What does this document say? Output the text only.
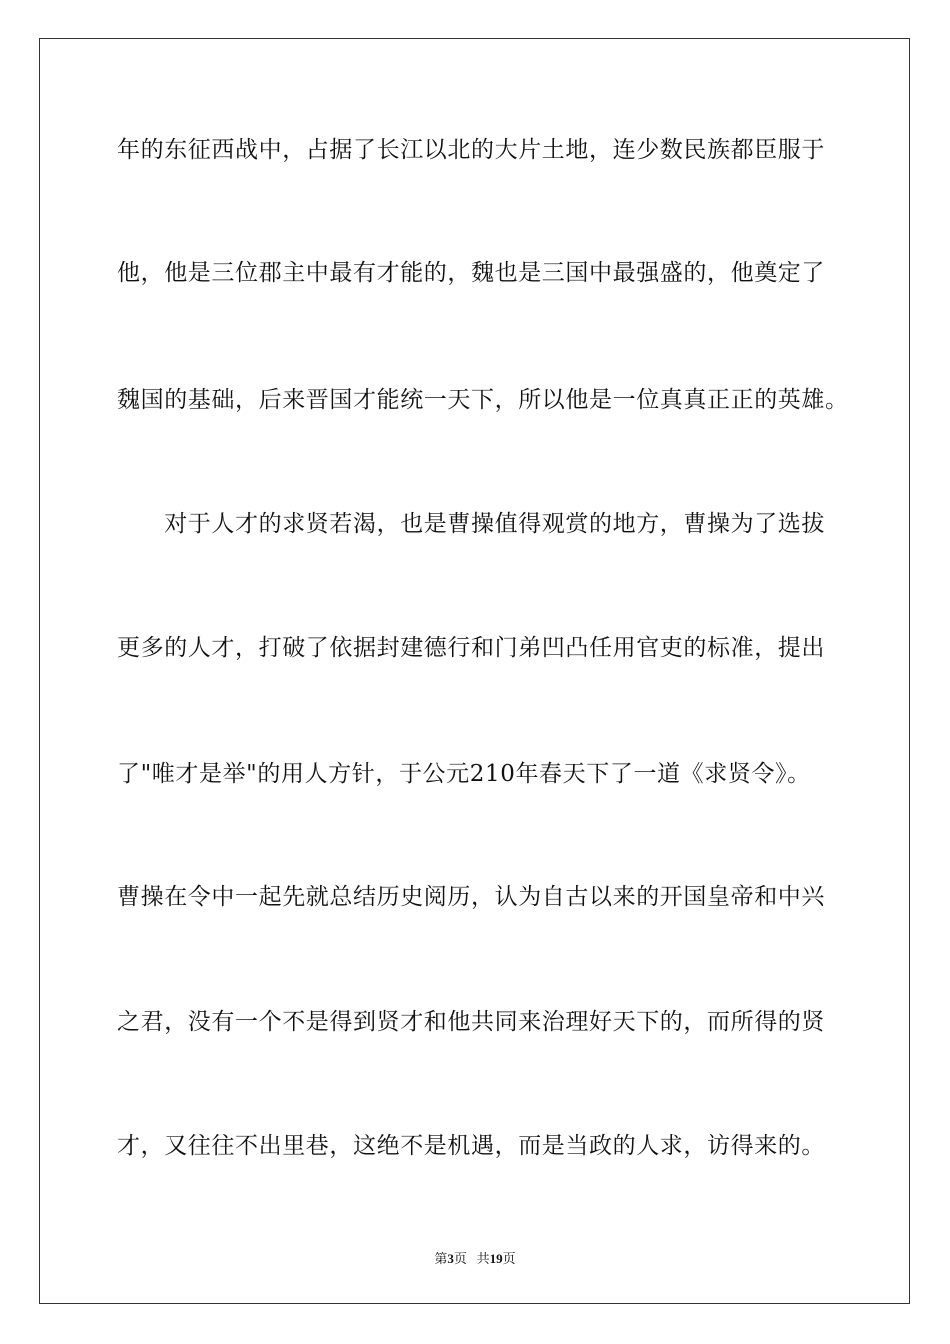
年的东征西战中，占据了长江以北的大片土地，连少数民族都臣服于
他，他是三位郡主中最有才能的，魏也是三国中最强盛的，他奠定了
魏国的基础，后来晋国才能统一天下，所以他是一位真真正正的英雄。
　　对于人才的求贤若渴，也是曹操值得观赏的地方，曹操为了选拔
更多的人才，打破了依据封建德行和门弟凹凸任用官吏的标准，提出
了"唯才是举"的用人方针，于公元210年春天下了一道《求贤令》。
曹操在令中一起先就总结历史阅历，认为自古以来的开国皇帝和中兴
之君，没有一个不是得到贤才和他共同来治理好天下的，而所得的贤
才，又往往不出里巷，这绝不是机遇，而是当政的人求，访得来的。
第3页 共19页
